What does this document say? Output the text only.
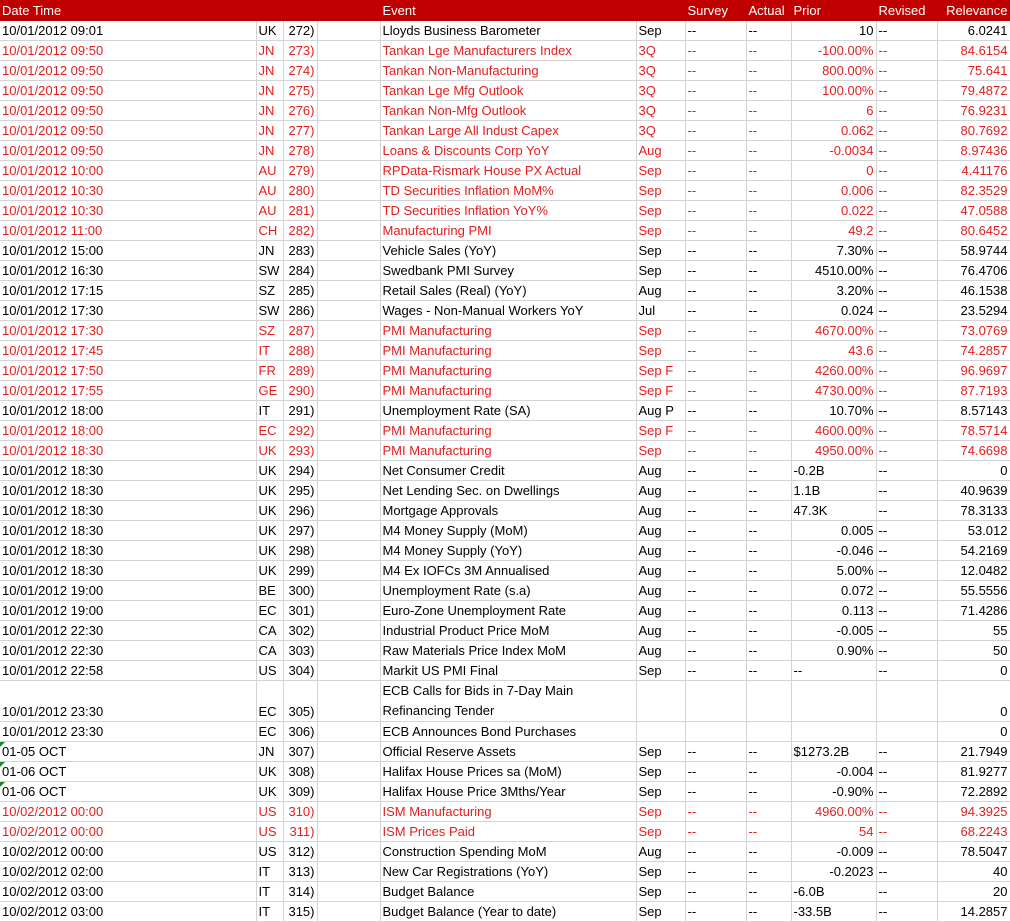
Date Time				Event		Survey	Actual	Prior	Revised	Relevance
10/01/2012 09:01	UK	272)		Lloyds Business Barometer	Sep	--	--	10	--	6.0241
10/01/2012 09:50	JN	273)		Tankan Lge Manufacturers Index	3Q	--	--	-100.00%	--	84.6154
10/01/2012 09:50	JN	274)		Tankan Non-Manufacturing	3Q	--	--	800.00%	--	75.641
10/01/2012 09:50	JN	275)		Tankan Lge Mfg Outlook	3Q	--	--	100.00%	--	79.4872
10/01/2012 09:50	JN	276)		Tankan Non-Mfg Outlook	3Q	--	--	6	--	76.9231
10/01/2012 09:50	JN	277)		Tankan Large All Indust Capex	3Q	--	--	0.062	--	80.7692
10/01/2012 09:50	JN	278)		Loans & Discounts Corp YoY	Aug	--	--	-0.0034	--	8.97436
10/01/2012 10:00	AU	279)		RPData-Rismark House PX Actual	Sep	--	--	0	--	4.41176
10/01/2012 10:30	AU	280)		TD Securities Inflation MoM%	Sep	--	--	0.006	--	82.3529
10/01/2012 10:30	AU	281)		TD Securities Inflation YoY%	Sep	--	--	0.022	--	47.0588
10/01/2012 11:00	CH	282)		Manufacturing PMI	Sep	--	--	49.2	--	80.6452
10/01/2012 15:00	JN	283)		Vehicle Sales (YoY)	Sep	--	--	7.30%	--	58.9744
10/01/2012 16:30	SW	284)		Swedbank PMI Survey	Sep	--	--	4510.00%	--	76.4706
10/01/2012 17:15	SZ	285)		Retail Sales (Real) (YoY)	Aug	--	--	3.20%	--	46.1538
10/01/2012 17:30	SW	286)		Wages - Non-Manual Workers YoY	Jul	--	--	0.024	--	23.5294
10/01/2012 17:30	SZ	287)		PMI Manufacturing	Sep	--	--	4670.00%	--	73.0769
10/01/2012 17:45	IT	288)		PMI Manufacturing	Sep	--	--	43.6	--	74.2857
10/01/2012 17:50	FR	289)		PMI Manufacturing	Sep F	--	--	4260.00%	--	96.9697
10/01/2012 17:55	GE	290)		PMI Manufacturing	Sep F	--	--	4730.00%	--	87.7193
10/01/2012 18:00	IT	291)		Unemployment Rate (SA)	Aug P	--	--	10.70%	--	8.57143
10/01/2012 18:00	EC	292)		PMI Manufacturing	Sep F	--	--	4600.00%	--	78.5714
10/01/2012 18:30	UK	293)		PMI Manufacturing	Sep	--	--	4950.00%	--	74.6698
10/01/2012 18:30	UK	294)		Net Consumer Credit	Aug	--	--	-0.2B	--	0
10/01/2012 18:30	UK	295)		Net Lending Sec. on Dwellings	Aug	--	--	1.1B	--	40.9639
10/01/2012 18:30	UK	296)		Mortgage Approvals	Aug	--	--	47.3K	--	78.3133
10/01/2012 18:30	UK	297)		M4 Money Supply (MoM)	Aug	--	--	0.005	--	53.012
10/01/2012 18:30	UK	298)		M4 Money Supply (YoY)	Aug	--	--	-0.046	--	54.2169
10/01/2012 18:30	UK	299)		M4 Ex IOFCs 3M Annualised	Aug	--	--	5.00%	--	12.0482
10/01/2012 19:00	BE	300)		Unemployment Rate (s.a)	Aug	--	--	0.072	--	55.5556
10/01/2012 19:00	EC	301)		Euro-Zone Unemployment Rate	Aug	--	--	0.113	--	71.4286
10/01/2012 22:30	CA	302)		Industrial Product Price MoM	Aug	--	--	-0.005	--	55
10/01/2012 22:30	CA	303)		Raw Materials Price Index MoM	Aug	--	--	0.90%	--	50
10/01/2012 22:58	US	304)		Markit US PMI Final	Sep	--	--	--	--	0
10/01/2012 23:30	EC	305)		ECB Calls for Bids in 7-Day Main Refinancing Tender						0
10/01/2012 23:30	EC	306)		ECB Announces Bond Purchases						0
01-05 OCT	JN	307)		Official Reserve Assets	Sep	--	--	$1273.2B	--	21.7949
01-06 OCT	UK	308)		Halifax House Prices sa (MoM)	Sep	--	--	-0.004	--	81.9277
01-06 OCT	UK	309)		Halifax House Price 3Mths/Year	Sep	--	--	-0.90%	--	72.2892
10/02/2012 00:00	US	310)		ISM Manufacturing	Sep	--	--	4960.00%	--	94.3925
10/02/2012 00:00	US	311)		ISM Prices Paid	Sep	--	--	54	--	68.2243
10/02/2012 00:00	US	312)		Construction Spending MoM	Aug	--	--	-0.009	--	78.5047
10/02/2012 02:00	IT	313)		New Car Registrations (YoY)	Sep	--	--	-0.2023	--	40
10/02/2012 03:00	IT	314)		Budget Balance	Sep	--	--	-6.0B	--	20
10/02/2012 03:00	IT	315)		Budget Balance (Year to date)	Sep	--	--	-33.5B	--	14.2857
